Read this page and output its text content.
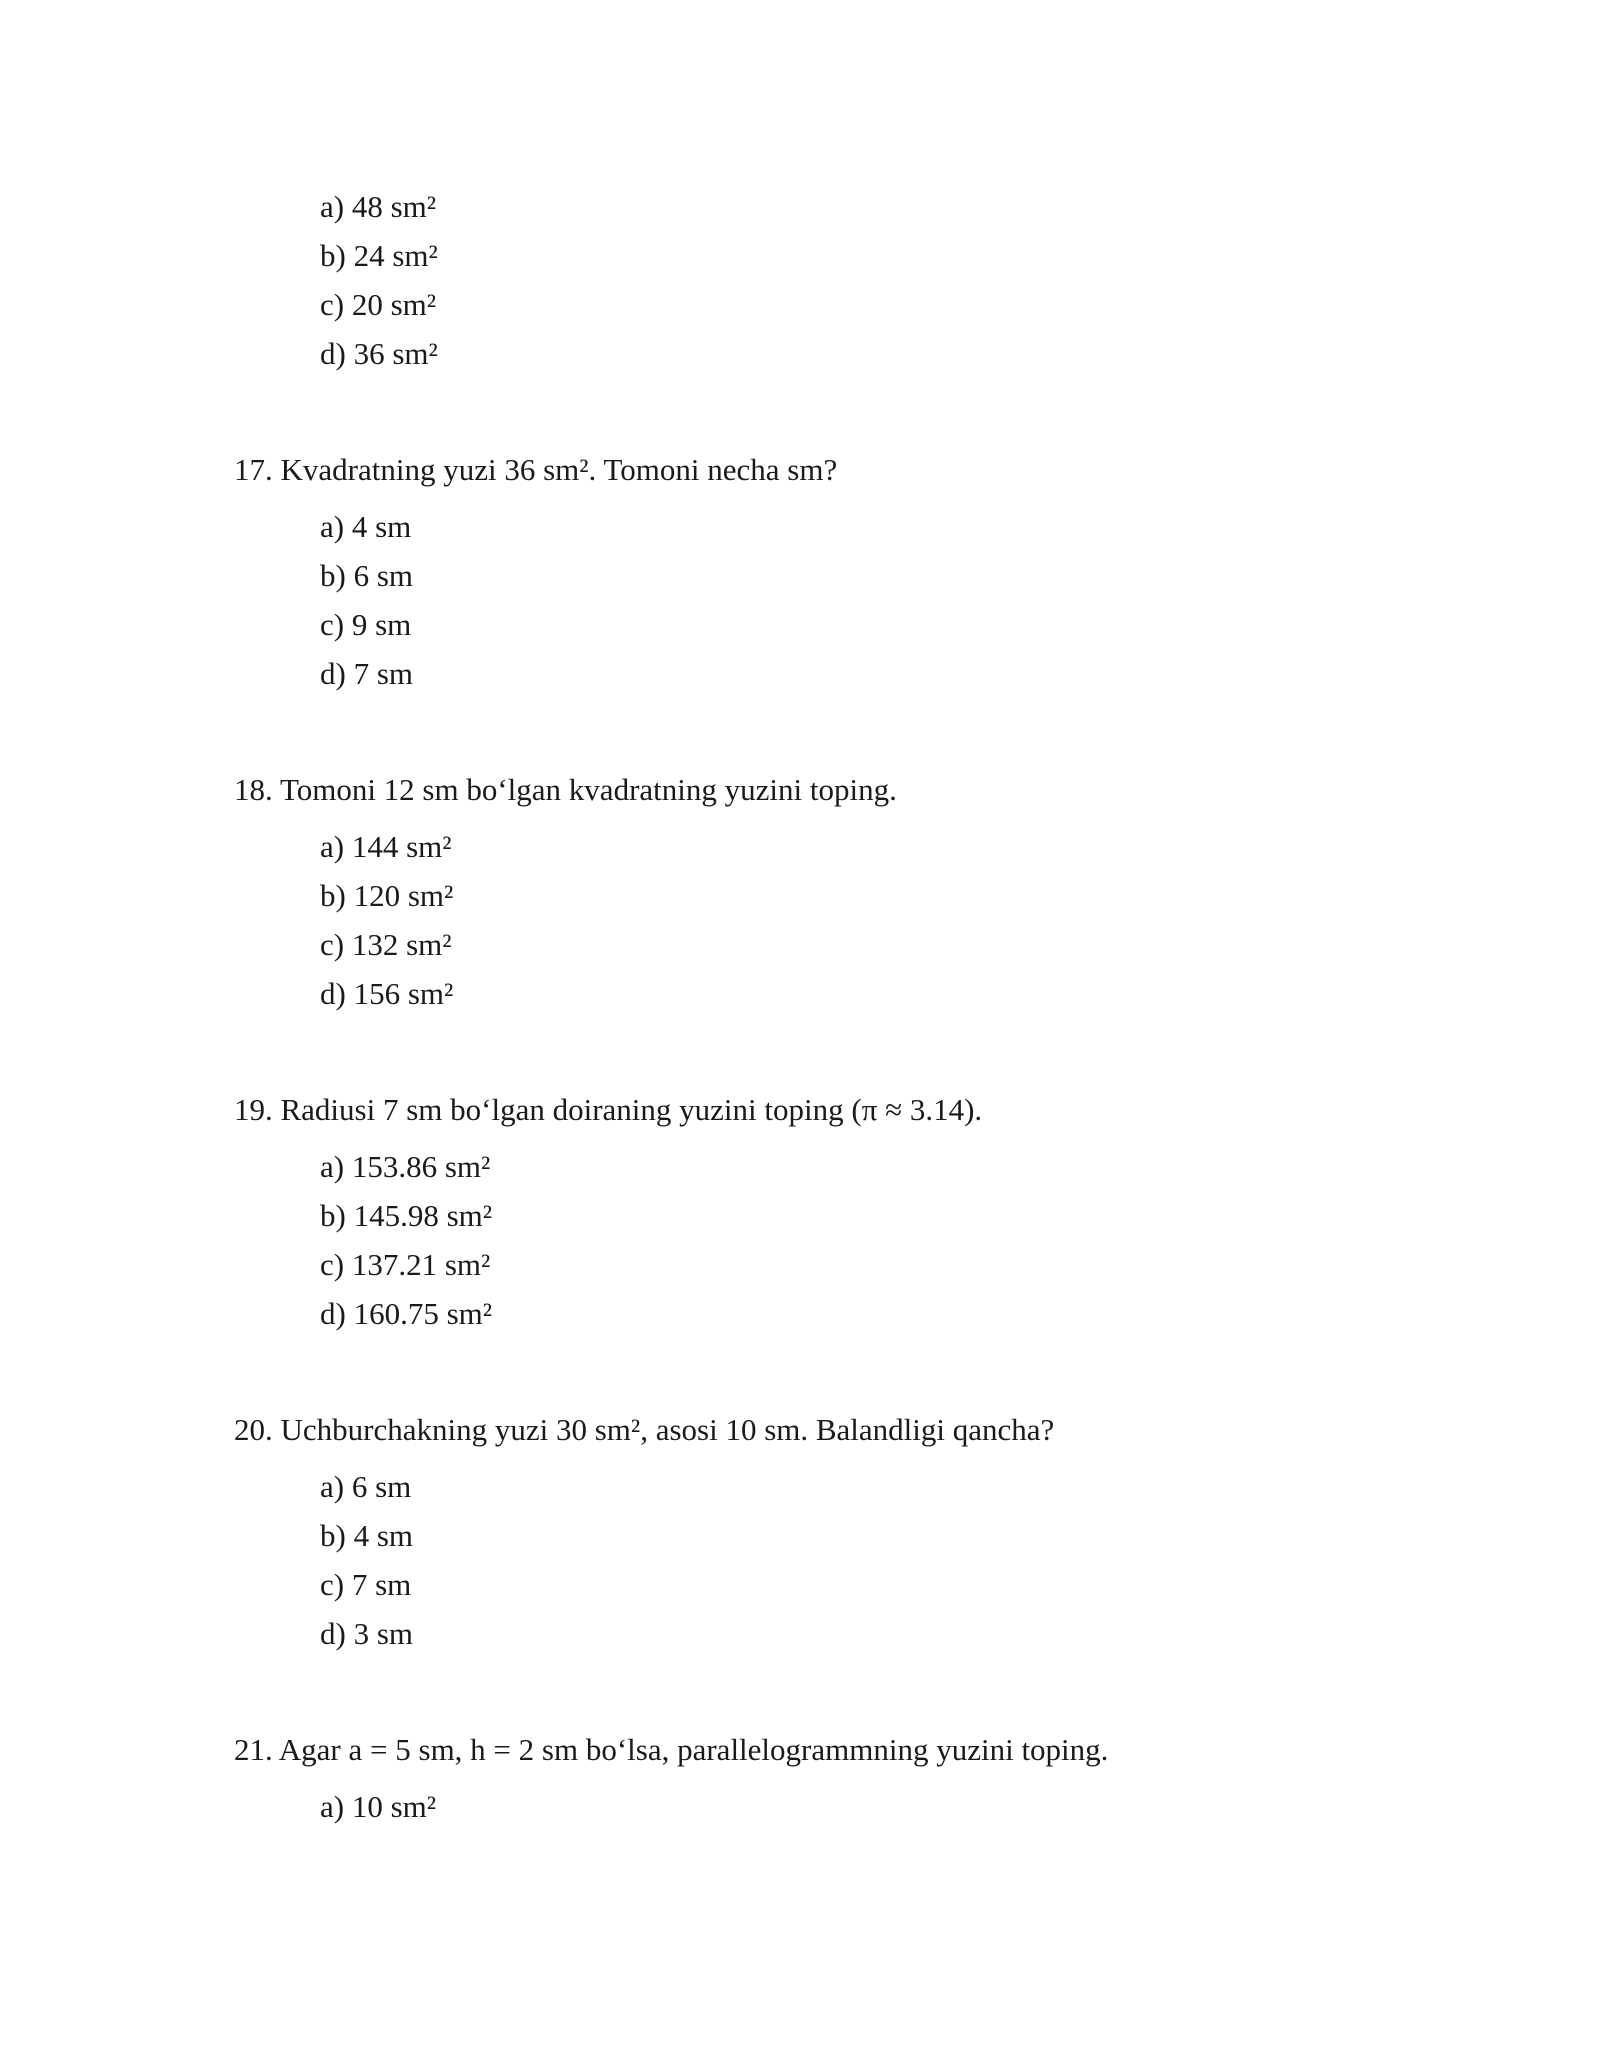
a) 48 sm²
b) 24 sm²
c) 20 sm²
d) 36 sm²
17. Kvadratning yuzi 36 sm². Tomoni necha sm?
a) 4 sm
b) 6 sm
c) 9 sm
d) 7 sm
18. Tomoni 12 sm bo‘lgan kvadratning yuzini toping.
a) 144 sm²
b) 120 sm²
c) 132 sm²
d) 156 sm²
19. Radiusi 7 sm bo‘lgan doiraning yuzini toping (π ≈ 3.14).
a) 153.86 sm²
b) 145.98 sm²
c) 137.21 sm²
d) 160.75 sm²
20. Uchburchakning yuzi 30 sm², asosi 10 sm. Balandligi qancha?
a) 6 sm
b) 4 sm
c) 7 sm
d) 3 sm
21. Agar a = 5 sm, h = 2 sm bo‘lsa, parallelogrammning yuzini toping.
a) 10 sm²
